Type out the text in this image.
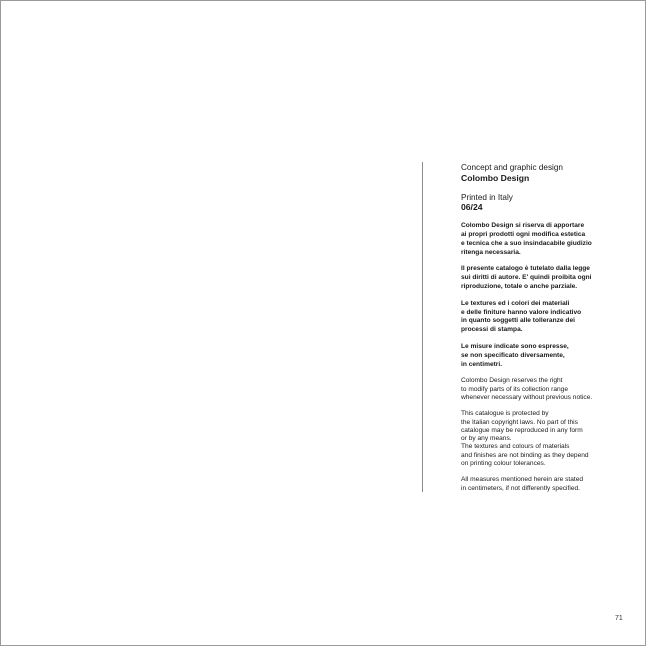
Concept and graphic design

Colombo Design

Printed in Italy

06/24

Colombo Design si riserva di apportare

ai propri prodotti ogni modifica estetica

e tecnica che a suo insindacabile giudizio

ritenga necessaria.

Il presente catalogo è tutelato dalla legge

sui diritti di autore. E' quindi proibita ogni

riproduzione, totale o anche parziale.

Le textures ed i colori dei materiali

e delle finiture hanno valore indicativo

in quanto soggetti alle tolleranze dei

processi di stampa.

Le misure indicate sono espresse,

se non specificato diversamente,

in centimetri.

Colombo Design reserves the right

to modify parts of its collection range

whenever necessary without previous notice.

This catalogue is protected by

the Italian copyright laws. No part of this

catalogue may be reproduced in any form

or by any means.

The textures and colours of materials

and finishes are not binding as they depend

on printing colour tolerances.

All measures mentioned herein are stated

in centimeters, if not differently specified.

71
